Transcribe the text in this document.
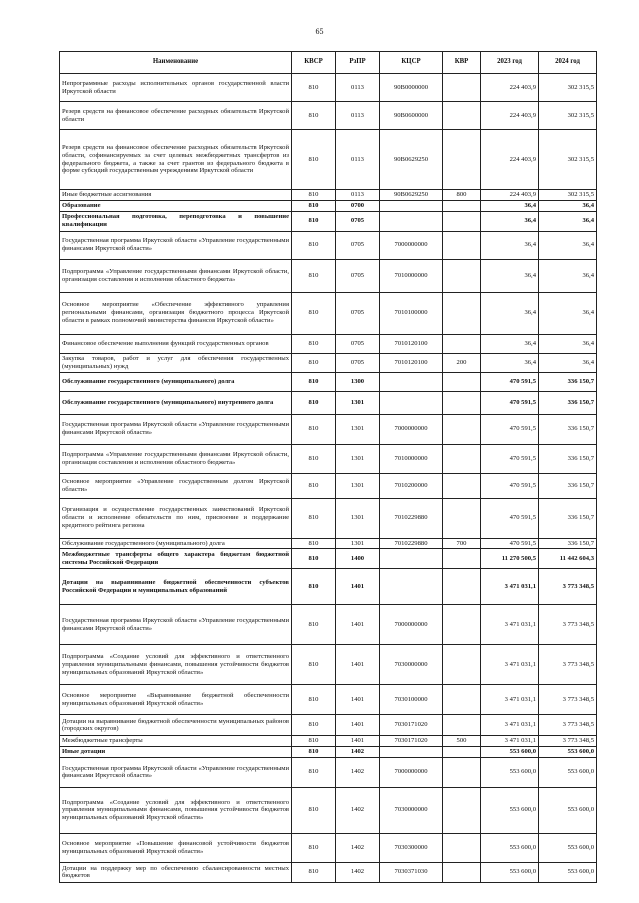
65
Наименование	КВСР	РзПР	КЦСР	КВР	2023 год	2024 год
Непрограммные расходы исполнительных органов государственной власти Иркутской области	810	0113	90В0000000		224 403,9	302 315,5
Резерв средств на финансовое обеспечение расходных обязательств Иркутской области	810	0113	90В0600000		224 403,9	302 315,5
Резерв средств на финансовое обеспечение расходных обязательств Иркутской области, софинансируемых за счет целевых межбюджетных трансфертов из федерального бюджета, а также за счет грантов из федерального бюджета в форме субсидий государственным учреждениям Иркутской области	810	0113	90В0629250		224 403,9	302 315,5
Иные бюджетные ассигнования	810	0113	90В0629250	800	224 403,9	302 315,5
Образование	810	0700			36,4	36,4
Профессиональная подготовка, переподготовка и повышение квалификации	810	0705			36,4	36,4
Государственная программа Иркутской области «Управление государственными финансами Иркутской области»	810	0705	7000000000		36,4	36,4
Подпрограмма «Управление государственными финансами Иркутской области, организация составления и исполнения областного бюджета»	810	0705	7010000000		36,4	36,4
Основное мероприятие «Обеспечение эффективного управления региональными финансами, организация бюджетного процесса Иркутской области в рамках полномочий министерства финансов Иркутской области»	810	0705	7010100000		36,4	36,4
Финансовое обеспечение выполнения функций государственных органов	810	0705	7010120100		36,4	36,4
Закупка товаров, работ и услуг для обеспечения государственных (муниципальных) нужд	810	0705	7010120100	200	36,4	36,4
Обслуживание государственного (муниципального) долга	810	1300			470 591,5	336 150,7
Обслуживание государственного (муниципального) внутреннего долга	810	1301			470 591,5	336 150,7
Государственная программа Иркутской области «Управление государственными финансами Иркутской области»	810	1301	7000000000		470 591,5	336 150,7
Подпрограмма «Управление государственными финансами Иркутской области, организация составления и исполнения областного бюджета»	810	1301	7010000000		470 591,5	336 150,7
Основное мероприятие «Управление государственным долгом Иркутской области»	810	1301	7010200000		470 591,5	336 150,7
Организация и осуществление государственных заимствований Иркутской области и исполнение обязательств по ним, присвоение и поддержание кредитного рейтинга региона	810	1301	7010229880		470 591,5	336 150,7
Обслуживание государственного (муниципального) долга	810	1301	7010229880	700	470 591,5	336 150,7
Межбюджетные трансферты общего характера бюджетам бюджетной системы Российской Федерации	810	1400			11 270 500,5	11 442 604,3
Дотации на выравнивание бюджетной обеспеченности субъектов Российской Федерации и муниципальных образований	810	1401			3 471 031,1	3 773 348,5
Государственная программа Иркутской области «Управление государственными финансами Иркутской области»	810	1401	7000000000		3 471 031,1	3 773 348,5
Подпрограмма «Создание условий для эффективного и ответственного управления муниципальными финансами, повышения устойчивости бюджетов муниципальных образований Иркутской области»	810	1401	7030000000		3 471 031,1	3 773 348,5
Основное мероприятие «Выравнивание бюджетной обеспеченности муниципальных образований Иркутской области»	810	1401	7030100000		3 471 031,1	3 773 348,5
Дотации на выравнивание бюджетной обеспеченности муниципальных районов (городских округов)	810	1401	7030171020		3 471 031,1	3 773 348,5
Межбюджетные трансферты	810	1401	7030171020	500	3 471 031,1	3 773 348,5
Иные дотации	810	1402			553 600,0	553 600,0
Государственная программа Иркутской области «Управление государственными финансами Иркутской области»	810	1402	7000000000		553 600,0	553 600,0
Подпрограмма «Создание условий для эффективного и ответственного управления муниципальными финансами, повышения устойчивости бюджетов муниципальных образований Иркутской области»	810	1402	7030000000		553 600,0	553 600,0
Основное мероприятие «Повышение финансовой устойчивости бюджетов муниципальных образований Иркутской области»	810	1402	7030300000		553 600,0	553 600,0
Дотации на поддержку мер по обеспечению сбалансированности местных бюджетов	810	1402	7030371030		553 600,0	553 600,0
